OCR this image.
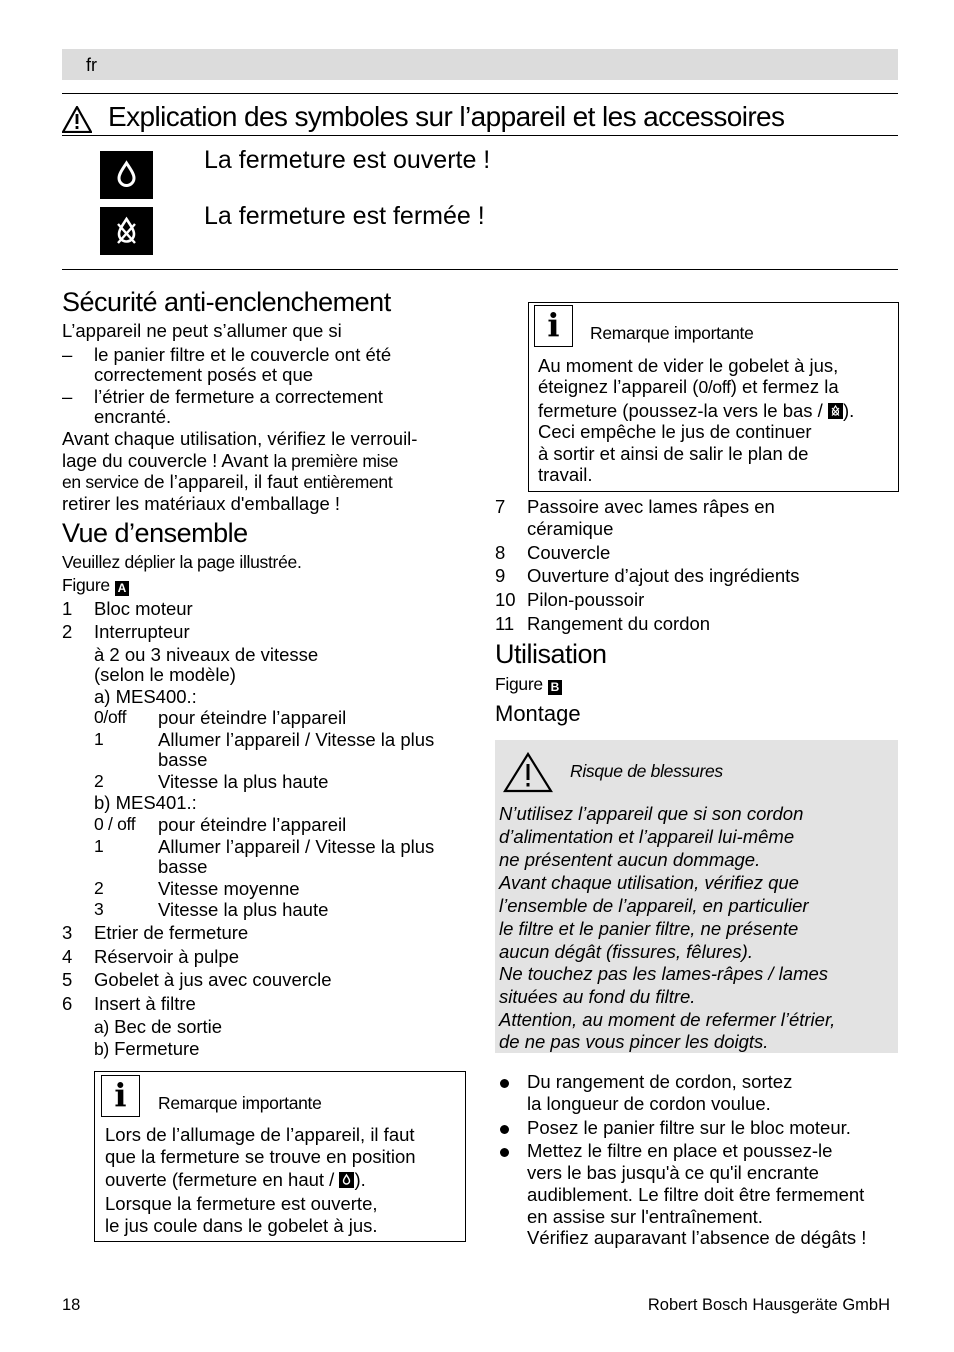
fr
Explication des symboles sur l’appareil et les accessoires
La fermeture est ouverte !
La fermeture est fermée !
Sécurité anti-enclenchement
L’appareil ne peut s’allumer que si
– le panier filtre et le couvercle ont été
correctement posés et que
– l’étrier de fermeture a correctement
encranté.
Avant chaque utilisation, vérifiez le verrouil-
lage du couvercle ! Avant la première mise
en service de l’appareil, il faut entièrement
retirer les matériaux d'emballage !
Vue d’ensemble
Veuillez déplier la page illustrée.
Figure A
1 Bloc moteur
2 Interrupteur
à 2 ou 3 niveaux de vitesse
(selon le modèle)
a) MES400.:
0/off pour éteindre l’appareil
1	Allumer l’appareil / Vitesse la plus
basse
2	Vitesse la plus haute
b) MES401.:
0 / off pour éteindre l’appareil
1	Allumer l’appareil / Vitesse la plus
basse
2	Vitesse moyenne
3	Vitesse la plus haute
3 Etrier de fermeture
4 Réservoir à pulpe
5 Gobelet à jus avec couvercle
6 Insert à filtre
a) Bec de sortie
b) Fermeture
i	Remarque importante
Lors de l’allumage de l’appareil, il faut
que la fermeture se trouve en position
ouverte (fermeture en haut /
).
Lorsque la fermeture est ouverte,
le jus coule dans le gobelet à jus.
i	Remarque importante
Au moment de vider le gobelet à jus,
éteignez l’appareil (0/off) et fermez la
fermeture (poussez-la vers le bas /
).
Ceci empêche le jus de continuer
à sortir et ainsi de salir le plan de
travail.
7 Passoire avec lames râpes en
céramique
8 Couvercle
9 Ouverture d’ajout des ingrédients
10 Pilon-poussoir
11 Rangement du cordon
Utilisation
Figure B
Montage
Risque de blessures
N’utilisez l’appareil que si son cordon
d’alimentation et l’appareil lui-même
ne présentent aucun dommage.
Avant chaque utilisation, vérifiez que
l’ensemble de l’appareil, en particulier
le filtre et le panier filtre, ne présente
aucun dégât (fissures, fêlures).
Ne touchez pas les lames-râpes / lames
situées au fond du filtre.
Attention, au moment de refermer l’étrier,
de ne pas vous pincer les doigts.
Du rangement de cordon, sortez
la longueur de cordon voulue.
Posez le panier filtre sur le bloc moteur.
Mettez le filtre en place et poussez-le
vers le bas jusqu'à ce qu'il encrante
audiblement. Le filtre doit être fermement
en assise sur l'entraînement.
Vérifiez auparavant l’absence de dégâts !
18	Robert Bosch Hausgeräte GmbH
